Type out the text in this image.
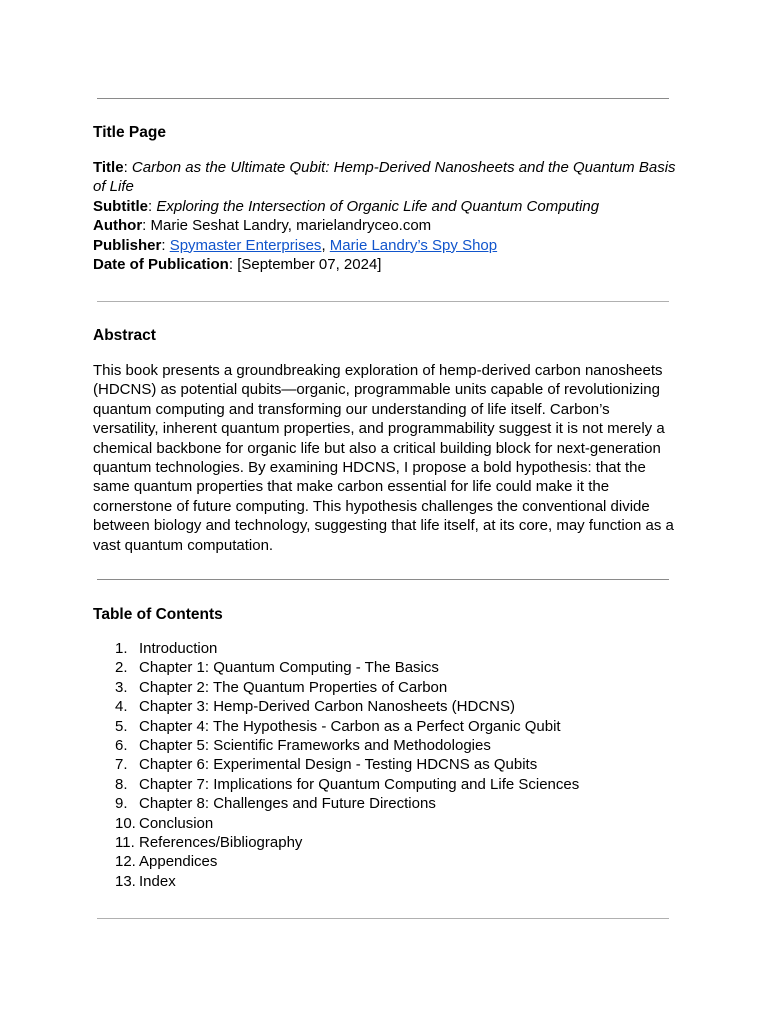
Title Page

Title: Carbon as the Ultimate Qubit: Hemp-Derived Nanosheets and the Quantum Basis of Life

Subtitle: Exploring the Intersection of Organic Life and Quantum Computing

Author: Marie Seshat Landry, marielandryceo.com

Publisher: Spymaster Enterprises, Marie Landry’s Spy Shop

Date of Publication: [September 07, 2024]

Abstract

This book presents a groundbreaking exploration of hemp-derived carbon nanosheets (HDCNS) as potential qubits—organic, programmable units capable of revolutionizing quantum computing and transforming our understanding of life itself. Carbon’s versatility, inherent quantum properties, and programmability suggest it is not merely a chemical backbone for organic life but also a critical building block for next-generation quantum technologies. By examining HDCNS, I propose a bold hypothesis: that the same quantum properties that make carbon essential for life could make it the cornerstone of future computing. This hypothesis challenges the conventional divide between biology and technology, suggesting that life itself, at its core, may function as a vast quantum computation.

Table of Contents

1. Introduction
2. Chapter 1: Quantum Computing - The Basics
3. Chapter 2: The Quantum Properties of Carbon
4. Chapter 3: Hemp-Derived Carbon Nanosheets (HDCNS)
5. Chapter 4: The Hypothesis - Carbon as a Perfect Organic Qubit
6. Chapter 5: Scientific Frameworks and Methodologies
7. Chapter 6: Experimental Design - Testing HDCNS as Qubits
8. Chapter 7: Implications for Quantum Computing and Life Sciences
9. Chapter 8: Challenges and Future Directions
10. Conclusion
11. References/Bibliography
12. Appendices
13. Index
